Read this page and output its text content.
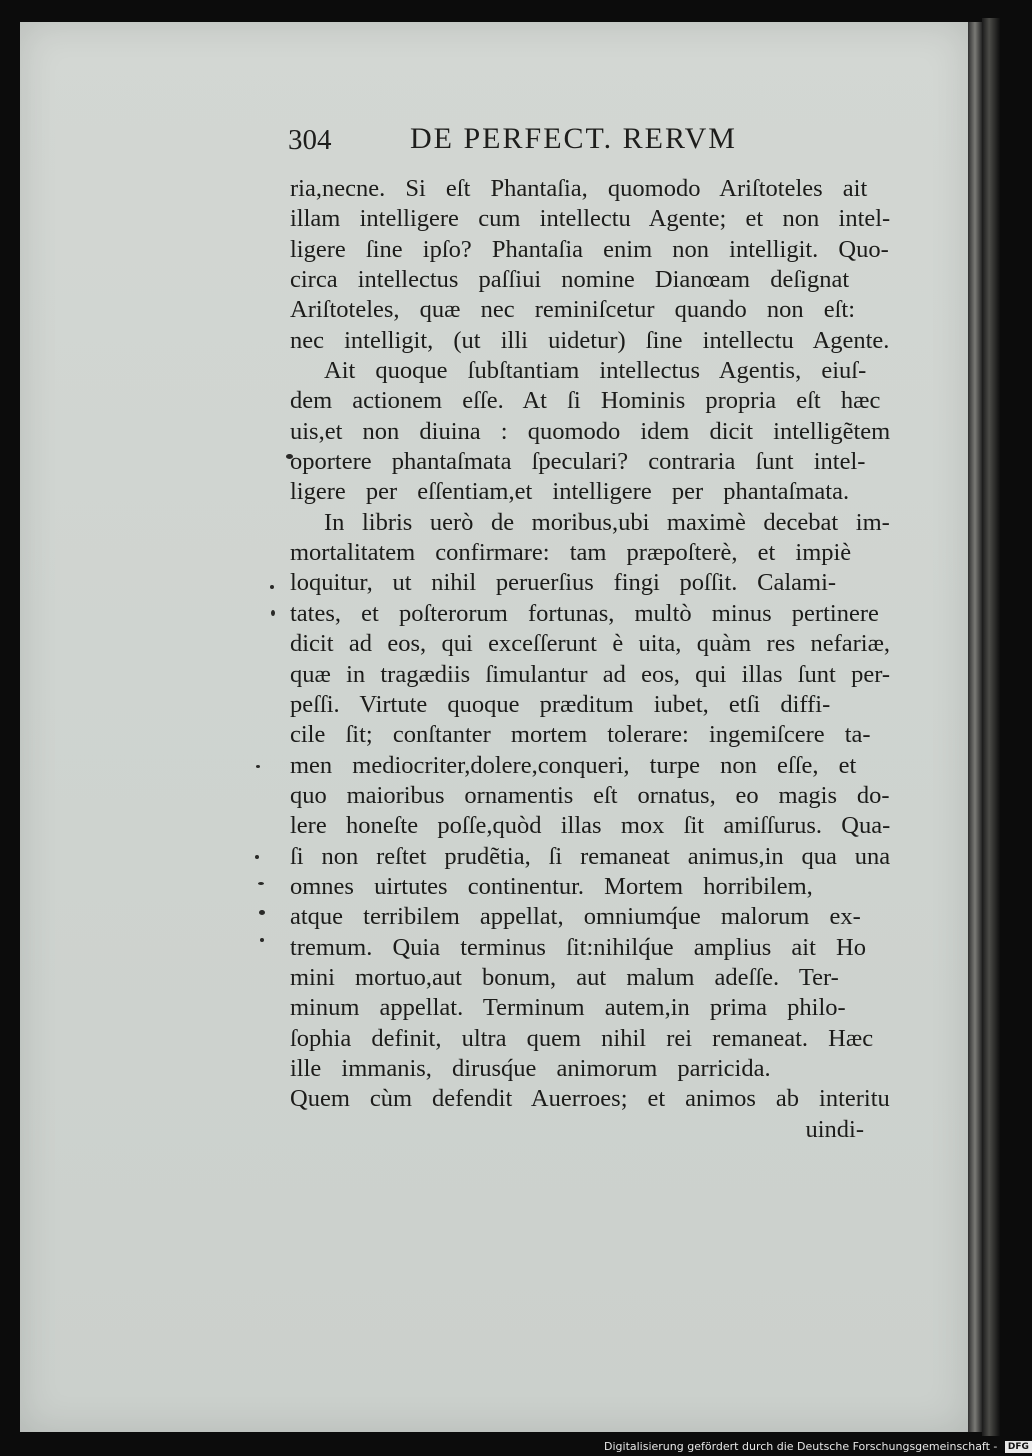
304	DE PERFECT. RERVM
ria,necne. Si eſt Phantaſia, quomodo Ariſtoteles ait
illam intelligere cum intellectu Agente; et non intel-
ligere ſine ipſo? Phantaſia enim non intelligit. Quo-
circa intellectus paſſiui nomine Dianœam deſignat
Ariſtoteles, quæ nec reminiſcetur quando non eſt:
nec intelligit, (ut illi uidetur) ſine intellectu Agente.
Ait quoque ſubſtantiam intellectus Agentis, eiuſ-
dem actionem eſſe. At ſi Hominis propria eſt hæc
uis,et non diuina : quomodo idem dicit intelligẽtem
oportere phantaſmata ſpeculari? contraria ſunt intel-
ligere per eſſentiam,et intelligere per phantaſmata.
In libris uerò de moribus,ubi maximè decebat im-
mortalitatem confirmare: tam præpoſterè, et impiè
loquitur, ut nihil peruerſius fingi poſſit. Calami-
tates, et poſterorum fortunas, multò minus pertinere
dicit ad eos, qui exceſſerunt è uita, quàm res nefariæ,
quæ in tragædiis ſimulantur ad eos, qui illas ſunt per-
peſſi. Virtute quoque præditum iubet, etſi diffi-
cile ſit; conſtanter mortem tolerare: ingemiſcere ta-
men mediocriter,dolere,conqueri, turpe non eſſe, et
quo maioribus ornamentis eſt ornatus, eo magis do-
lere honeſte poſſe,quòd illas mox ſit amiſſurus. Qua-
ſi non reſtet prudẽtia, ſi remaneat animus,in qua una
omnes uirtutes continentur. Mortem horribilem,
atque terribilem appellat, omniumq́ue malorum ex-
tremum. Quia terminus ſit:nihilq́ue amplius ait Ho
mini mortuo,aut bonum, aut malum adeſſe. Ter-
minum appellat. Terminum autem,in prima philo-
ſophia definit, ultra quem nihil rei remaneat. Hæc
ille immanis, dirusq́ue animorum parricida.
Quem cùm defendit Auerroes; et animos ab interitu
uindi-
Digitalisierung gefördert durch die Deutsche Forschungsgemeinschaft - DFG
